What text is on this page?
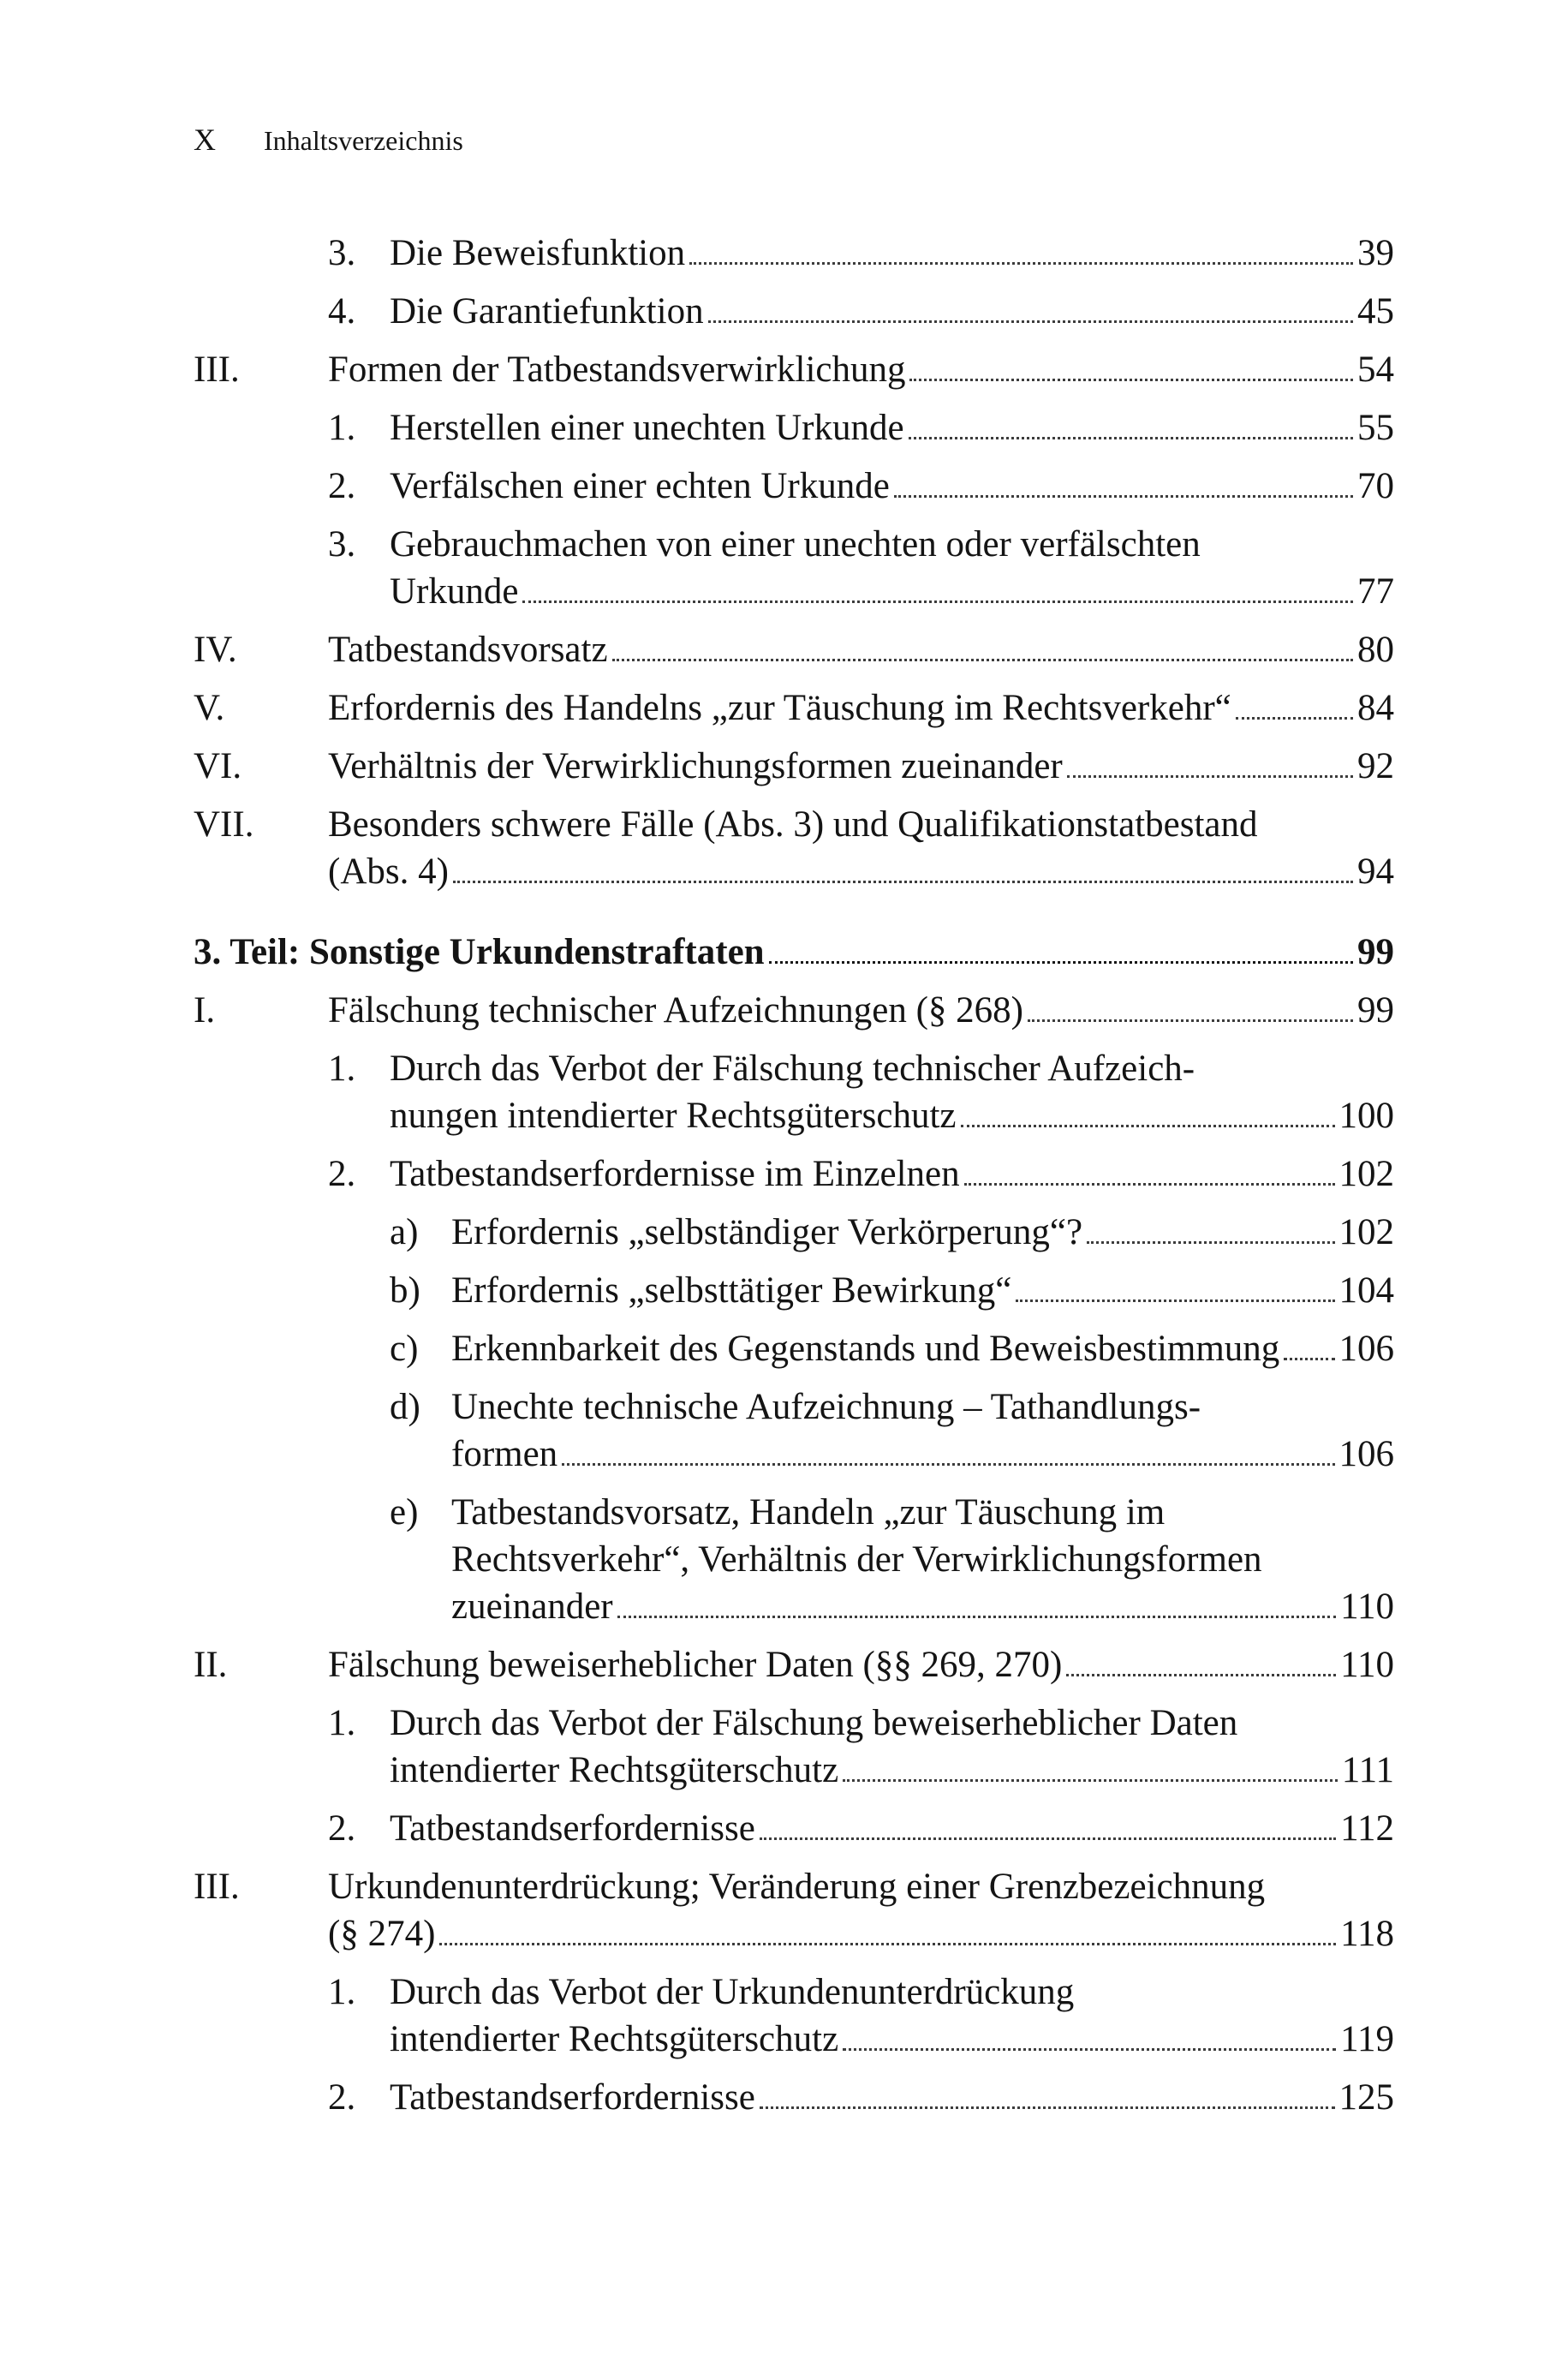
X	Inhaltsverzeichnis
3. Die Beweisfunktion	39
4. Die Garantiefunktion	45
III. Formen der Tatbestandsverwirklichung	54
1. Herstellen einer unechten Urkunde	55
2. Verfälschen einer echten Urkunde	70
3. Gebrauchmachen von einer unechten oder verfälschten
Urkunde	77
IV. Tatbestandsvorsatz	80
V.	Erfordernis des Handelns „zur Täuschung im Rechtsverkehr“	84
VI. Verhältnis der Verwirklichungsformen zueinander	92
VII. Besonders schwere Fälle (Abs. 3) und Qualifikationstatbestand
(Abs. 4)	94
3. Teil: Sonstige Urkundenstraftaten	99
I.	Fälschung technischer Aufzeichnungen (§ 268)	99
1. Durch das Verbot der Fälschung technischer Aufzeich-
nungen intendierter Rechtsgüterschutz	100
2. Tatbestandserfordernisse im Einzelnen	102
a) Erfordernis „selbständiger Verkörperung“?	102
b) Erfordernis „selbsttätiger Bewirkung“	104
c) Erkennbarkeit des Gegenstands und Beweisbestimmung 106
d) Unechte technische Aufzeichnung – Tathandlungs-
formen	106
e) Tatbestandsvorsatz, Handeln „zur Täuschung im
Rechtsverkehr“, Verhältnis der Verwirklichungsformen
zueinander	110
II.	Fälschung beweiserheblicher Daten (§§ 269, 270)	110
1. Durch das Verbot der Fälschung beweiserheblicher Daten
intendierter Rechtsgüterschutz	111
2. Tatbestandserfordernisse	112
III. Urkundenunterdrückung; Veränderung einer Grenzbezeichnung
(§ 274)	118
1. Durch das Verbot der Urkundenunterdrückung
intendierter Rechtsgüterschutz	119
2. Tatbestandserfordernisse	125
